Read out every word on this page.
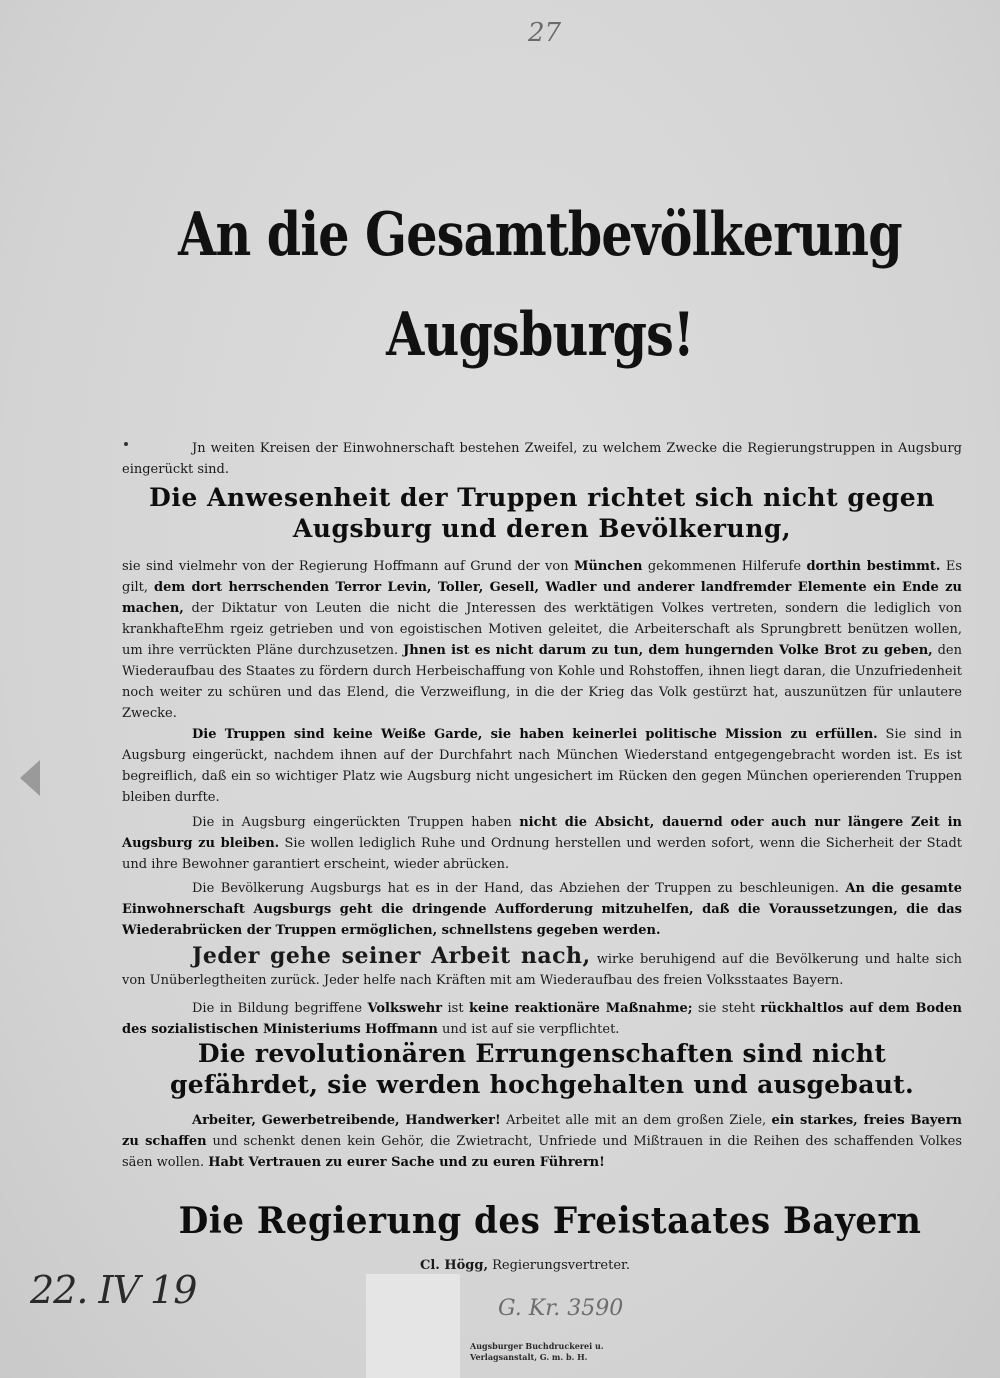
27
An die Gesamtbevölkerung
Augsburgs!
Jn weiten Kreisen der Einwohnerschaft bestehen Zweifel, zu welchem Zwecke die Regierungstruppen in Augsburg eingerückt sind.
Die Anwesenheit der Truppen richtet sich nicht gegen Augsburg und deren Bevölkerung,
sie sind vielmehr von der Regierung Hoffmann auf Grund der von München gekommenen Hilferufe dorthin bestimmt. Es gilt, dem dort herrschenden Terror Levin, Toller, Gesell, Wadler und anderer landfremder Elemente ein Ende zu machen, der Diktatur von Leuten die nicht die Jnteressen des werktätigen Volkes vertreten, sondern die lediglich von krankhafteEhm rgeiz getrieben und von egoistischen Motiven geleitet, die Arbeiterschaft als Sprungbrett benützen wollen, um ihre verrückten Pläne durchzusetzen. Jhnen ist es nicht darum zu tun, dem hungernden Volke Brot zu geben, den Wiederaufbau des Staates zu fördern durch Herbeischaffung von Kohle und Rohstoffen, ihnen liegt daran, die Unzufriedenheit noch weiter zu schüren und das Elend, die Verzweiflung, in die der Krieg das Volk gestürzt hat, auszunützen für unlautere Zwecke.
Die Truppen sind keine Weiße Garde, sie haben keinerlei politische Mission zu erfüllen. Sie sind in Augsburg eingerückt, nachdem ihnen auf der Durchfahrt nach München Wiederstand entgegengebracht worden ist. Es ist begreiflich, daß ein so wichtiger Platz wie Augsburg nicht ungesichert im Rücken den gegen München operierenden Truppen bleiben durfte.
Die in Augsburg eingerückten Truppen haben nicht die Absicht, dauernd oder auch nur längere Zeit in Augsburg zu bleiben. Sie wollen lediglich Ruhe und Ordnung herstellen und werden sofort, wenn die Sicherheit der Stadt und ihre Bewohner garantiert erscheint, wieder abrücken.
Die Bevölkerung Augsburgs hat es in der Hand, das Abziehen der Truppen zu beschleunigen. An die gesamte Einwohnerschaft Augsburgs geht die dringende Aufforderung mitzuhelfen, daß die Voraussetzungen, die das Wiederabrücken der Truppen ermöglichen, schnellstens gegeben werden.
Jeder gehe seiner Arbeit nach, wirke beruhigend auf die Bevölkerung und halte sich von Unüberlegtheiten zurück. Jeder helfe nach Kräften mit am Wiederaufbau des freien Volksstaates Bayern.
Die in Bildung begriffene Volkswehr ist keine reaktionäre Maßnahme; sie steht rückhaltlos auf dem Boden des sozialistischen Ministeriums Hoffmann und ist auf sie verpflichtet.
Die revolutionären Errungenschaften sind nicht gefährdet, sie werden hochgehalten und ausgebaut.
Arbeiter, Gewerbetreibende, Handwerker! Arbeitet alle mit an dem großen Ziele, ein starkes, freies Bayern zu schaffen und schenkt denen kein Gehör, die Zwietracht, Unfriede und Mißtrauen in die Reihen des schaffenden Volkes säen wollen. Habt Vertrauen zu eurer Sache und zu euren Führern!
Die Regierung des Freistaates Bayern
Cl. Högg, Regierungsvertreter.
22. IV 19	G. Kr. 3590
Augsburger Buchdruckerei u.
Verlagsanstalt, G. m. b. H.
